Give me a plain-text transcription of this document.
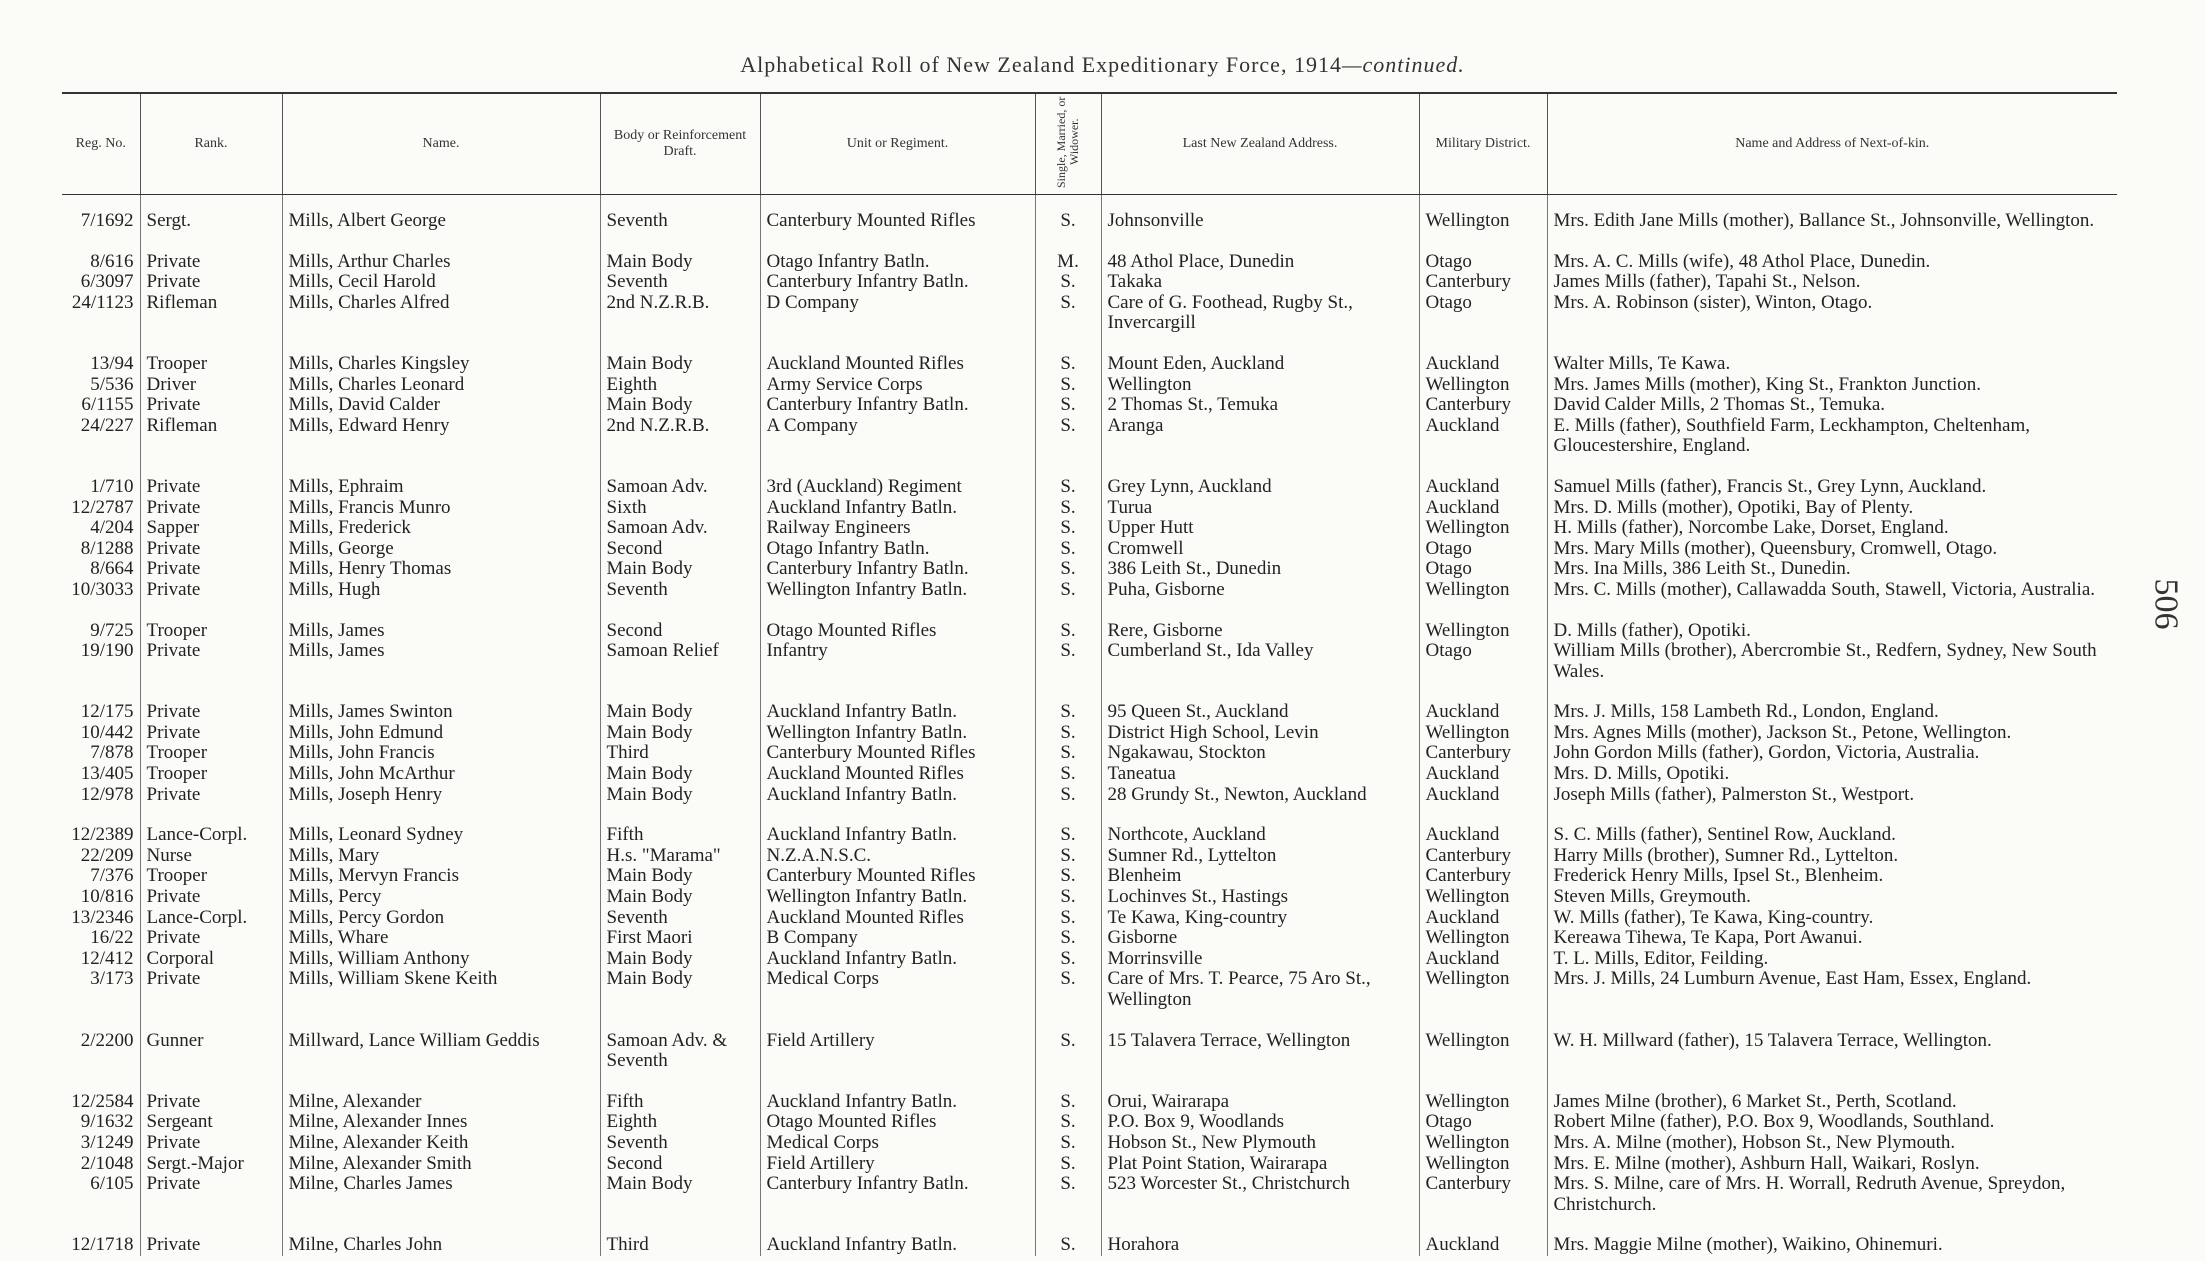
Alphabetical Roll of New Zealand Expeditionary Force, 1914—continued.
506
Reg. No.	Rank.	Name.	Body or Reinforcement Draft.	Unit or Regiment.	Single, Married, or Widower.	Last New Zealand Address.	Military District.	Name and Address of Next-of-kin.

7/1692	Sergt.	Mills, Albert George	Seventh	Canterbury Mounted Rifles	S.	Johnsonville	Wellington	Mrs. Edith Jane Mills (mother), Ballance St., Johnsonville, Wellington.
8/616	Private	Mills, Arthur Charles	Main Body	Otago Infantry Batln.	M.	48 Athol Place, Dunedin	Otago	Mrs. A. C. Mills (wife), 48 Athol Place, Dunedin.
6/3097	Private	Mills, Cecil Harold	Seventh	Canterbury Infantry Batln.	S.	Takaka	Canterbury	James Mills (father), Tapahi St., Nelson.
24/1123	Rifleman	Mills, Charles Alfred	2nd N.Z.R.B.	D Company	S.	Care of G. Foothead, Rugby St., Invercargill	Otago	Mrs. A. Robinson (sister), Winton, Otago.
13/94	Trooper	Mills, Charles Kingsley	Main Body	Auckland Mounted Rifles	S.	Mount Eden, Auckland	Auckland	Walter Mills, Te Kawa.
5/536	Driver	Mills, Charles Leonard	Eighth	Army Service Corps	S.	Wellington	Wellington	Mrs. James Mills (mother), King St., Frankton Junction.
6/1155	Private	Mills, David Calder	Main Body	Canterbury Infantry Batln.	S.	2 Thomas St., Temuka	Canterbury	David Calder Mills, 2 Thomas St., Temuka.
24/227	Rifleman	Mills, Edward Henry	2nd N.Z.R.B.	A Company	S.	Aranga	Auckland	E. Mills (father), Southfield Farm, Leckhampton, Cheltenham, Gloucestershire, England.
1/710	Private	Mills, Ephraim	Samoan Adv.	3rd (Auckland) Regiment	S.	Grey Lynn, Auckland	Auckland	Samuel Mills (father), Francis St., Grey Lynn, Auckland.
12/2787	Private	Mills, Francis Munro	Sixth	Auckland Infantry Batln.	S.	Turua	Auckland	Mrs. D. Mills (mother), Opotiki, Bay of Plenty.
4/204	Sapper	Mills, Frederick	Samoan Adv.	Railway Engineers	S.	Upper Hutt	Wellington	H. Mills (father), Norcombe Lake, Dorset, England.
8/1288	Private	Mills, George	Second	Otago Infantry Batln.	S.	Cromwell	Otago	Mrs. Mary Mills (mother), Queensbury, Cromwell, Otago.
8/664	Private	Mills, Henry Thomas	Main Body	Canterbury Infantry Batln.	S.	386 Leith St., Dunedin	Otago	Mrs. Ina Mills, 386 Leith St., Dunedin.
10/3033	Private	Mills, Hugh	Seventh	Wellington Infantry Batln.	S.	Puha, Gisborne	Wellington	Mrs. C. Mills (mother), Callawadda South, Stawell, Victoria, Australia.
9/725	Trooper	Mills, James	Second	Otago Mounted Rifles	S.	Rere, Gisborne	Wellington	D. Mills (father), Opotiki.
19/190	Private	Mills, James	Samoan Relief	Infantry	S.	Cumberland St., Ida Valley	Otago	William Mills (brother), Abercrombie St., Redfern, Sydney, New South Wales.
12/175	Private	Mills, James Swinton	Main Body	Auckland Infantry Batln.	S.	95 Queen St., Auckland	Auckland	Mrs. J. Mills, 158 Lambeth Rd., London, England.
10/442	Private	Mills, John Edmund	Main Body	Wellington Infantry Batln.	S.	District High School, Levin	Wellington	Mrs. Agnes Mills (mother), Jackson St., Petone, Wellington.
7/878	Trooper	Mills, John Francis	Third	Canterbury Mounted Rifles	S.	Ngakawau, Stockton	Canterbury	John Gordon Mills (father), Gordon, Victoria, Australia.
13/405	Trooper	Mills, John McArthur	Main Body	Auckland Mounted Rifles	S.	Taneatua	Auckland	Mrs. D. Mills, Opotiki.
12/978	Private	Mills, Joseph Henry	Main Body	Auckland Infantry Batln.	S.	28 Grundy St., Newton, Auckland	Auckland	Joseph Mills (father), Palmerston St., Westport.
12/2389	Lance-Corpl.	Mills, Leonard Sydney	Fifth	Auckland Infantry Batln.	S.	Northcote, Auckland	Auckland	S. C. Mills (father), Sentinel Row, Auckland.
22/209	Nurse	Mills, Mary	H.s. "Marama"	N.Z.A.N.S.C.	S.	Sumner Rd., Lyttelton	Canterbury	Harry Mills (brother), Sumner Rd., Lyttelton.
7/376	Trooper	Mills, Mervyn Francis	Main Body	Canterbury Mounted Rifles	S.	Blenheim	Canterbury	Frederick Henry Mills, Ipsel St., Blenheim.
10/816	Private	Mills, Percy	Main Body	Wellington Infantry Batln.	S.	Lochinves St., Hastings	Wellington	Steven Mills, Greymouth.
13/2346	Lance-Corpl.	Mills, Percy Gordon	Seventh	Auckland Mounted Rifles	S.	Te Kawa, King-country	Auckland	W. Mills (father), Te Kawa, King-country.
16/22	Private	Mills, Whare	First Maori	B Company	S.	Gisborne	Wellington	Kereawa Tihewa, Te Kapa, Port Awanui.
12/412	Corporal	Mills, William Anthony	Main Body	Auckland Infantry Batln.	S.	Morrinsville	Auckland	T. L. Mills, Editor, Feilding.
3/173	Private	Mills, William Skene Keith	Main Body	Medical Corps	S.	Care of Mrs. T. Pearce, 75 Aro St., Wellington	Wellington	Mrs. J. Mills, 24 Lumburn Avenue, East Ham, Essex, England.
2/2200	Gunner	Millward, Lance William Geddis	Samoan Adv. & Seventh	Field Artillery	S.	15 Talavera Terrace, Wellington	Wellington	W. H. Millward (father), 15 Talavera Terrace, Wellington.
12/2584	Private	Milne, Alexander	Fifth	Auckland Infantry Batln.	S.	Orui, Wairarapa	Wellington	James Milne (brother), 6 Market St., Perth, Scotland.
9/1632	Sergeant	Milne, Alexander Innes	Eighth	Otago Mounted Rifles	S.	P.O. Box 9, Woodlands	Otago	Robert Milne (father), P.O. Box 9, Woodlands, Southland.
3/1249	Private	Milne, Alexander Keith	Seventh	Medical Corps	S.	Hobson St., New Plymouth	Wellington	Mrs. A. Milne (mother), Hobson St., New Plymouth.
2/1048	Sergt.-Major	Milne, Alexander Smith	Second	Field Artillery	S.	Plat Point Station, Wairarapa	Wellington	Mrs. E. Milne (mother), Ashburn Hall, Waikari, Roslyn.
6/105	Private	Milne, Charles James	Main Body	Canterbury Infantry Batln.	S.	523 Worcester St., Christchurch	Canterbury	Mrs. S. Milne, care of Mrs. H. Worrall, Redruth Avenue, Spreydon, Christchurch.
12/1718	Private	Milne, Charles John	Third	Auckland Infantry Batln.	S.	Horahora	Auckland	Mrs. Maggie Milne (mother), Waikino, Ohinemuri.
